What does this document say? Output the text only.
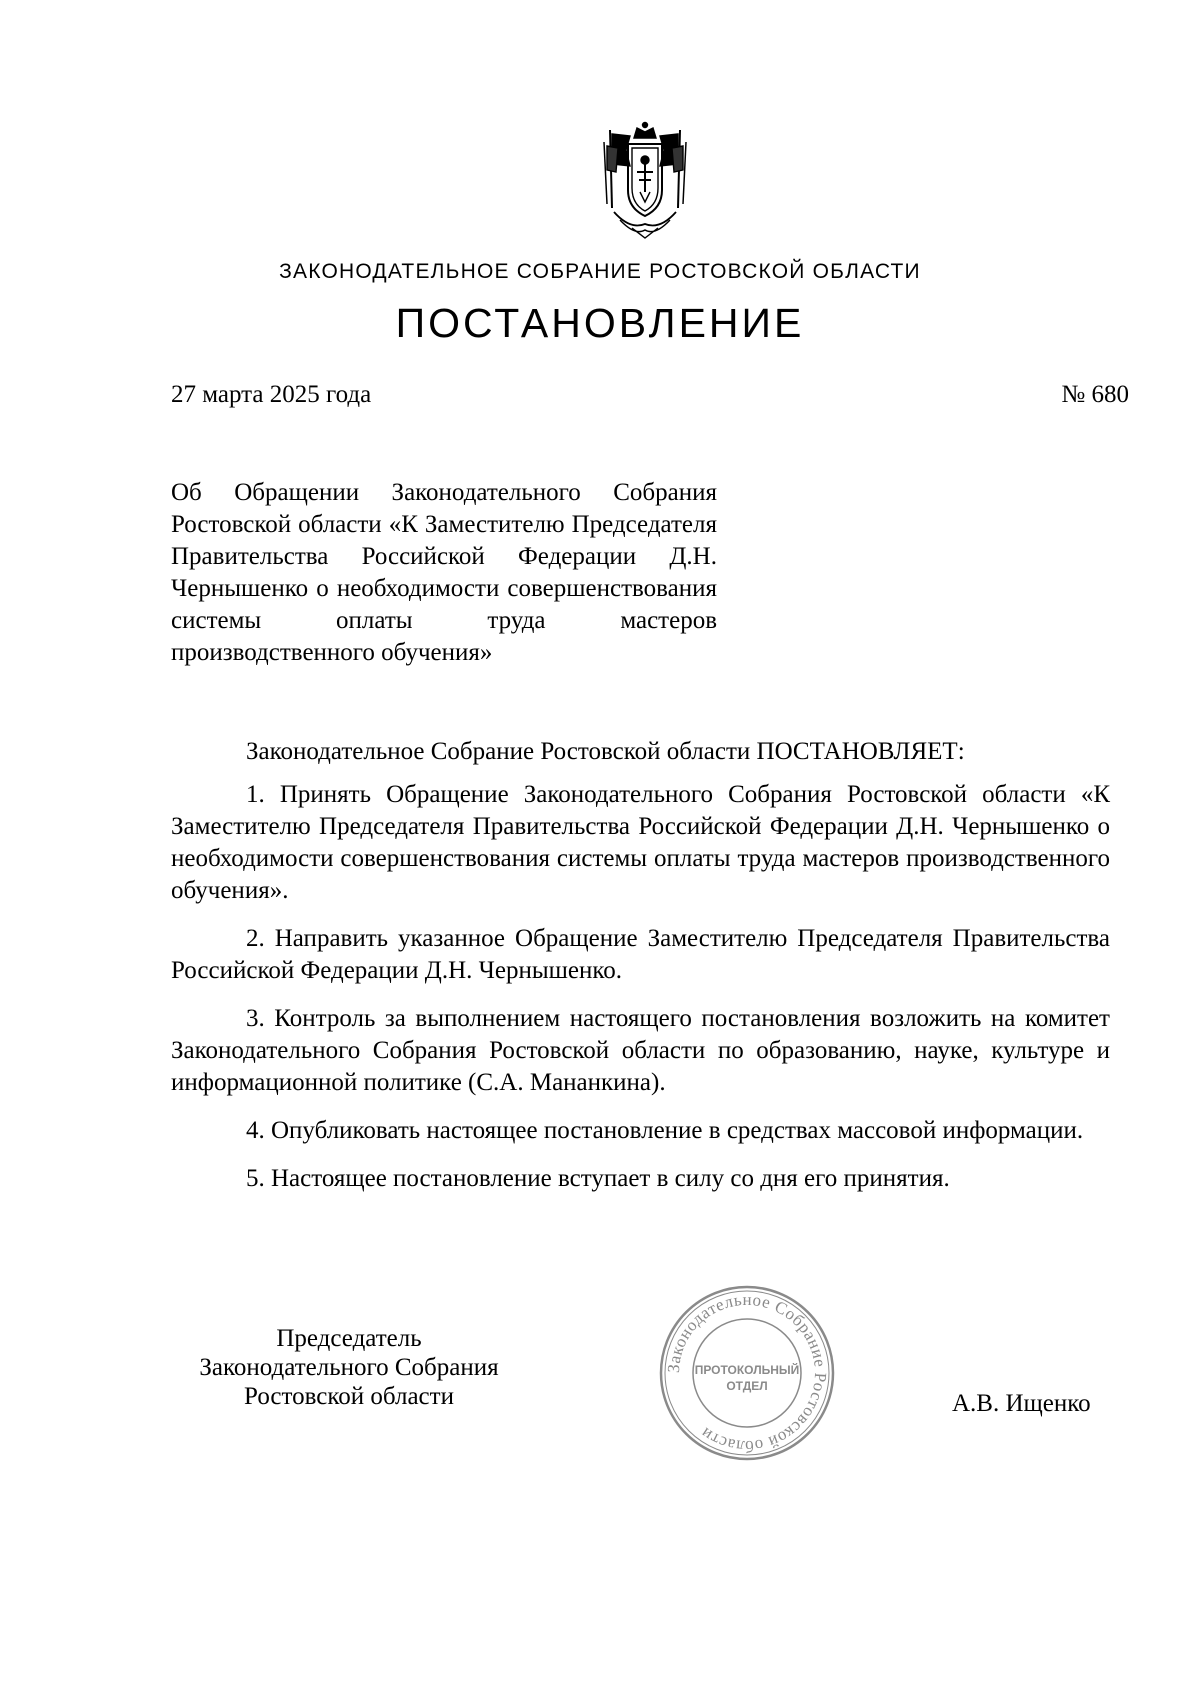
ЗАКОНОДАТЕЛЬНОЕ СОБРАНИЕ РОСТОВСКОЙ ОБЛАСТИ
ПОСТАНОВЛЕНИЕ
27 марта 2025 года	№ 680
Об Обращении Законодательного Собрания Ростовской области «К Заместителю Председателя Правительства Российской Федерации Д.Н. Чернышенко о необходимости совершенствования системы оплаты труда мастеров производственного обучения»

Законодательное Собрание Ростовской области ПОСТАНОВЛЯЕТ:

1. Принять Обращение Законодательного Собрания Ростовской области «К Заместителю Председателя Правительства Российской Федерации Д.Н. Чернышенко о необходимости совершенствования системы оплаты труда мастеров производственного обучения».

2. Направить указанное Обращение Заместителю Председателя Правительства Российской Федерации Д.Н. Чернышенко.

3. Контроль за выполнением настоящего постановления возложить на комитет Законодательного Собрания Ростовской области по образованию, науке, культуре и информационной политике (С.А. Мананкина).

4. Опубликовать настоящее постановление в средствах массовой информации.

5. Настоящее постановление вступает в силу со дня его принятия.

Председатель
Законодательного Собрания
Ростовской области	А.В. Ищенко
Законодательное Собрание Ростовской области
ПРОТОКОЛЬНЫЙ
ОТДЕЛ
